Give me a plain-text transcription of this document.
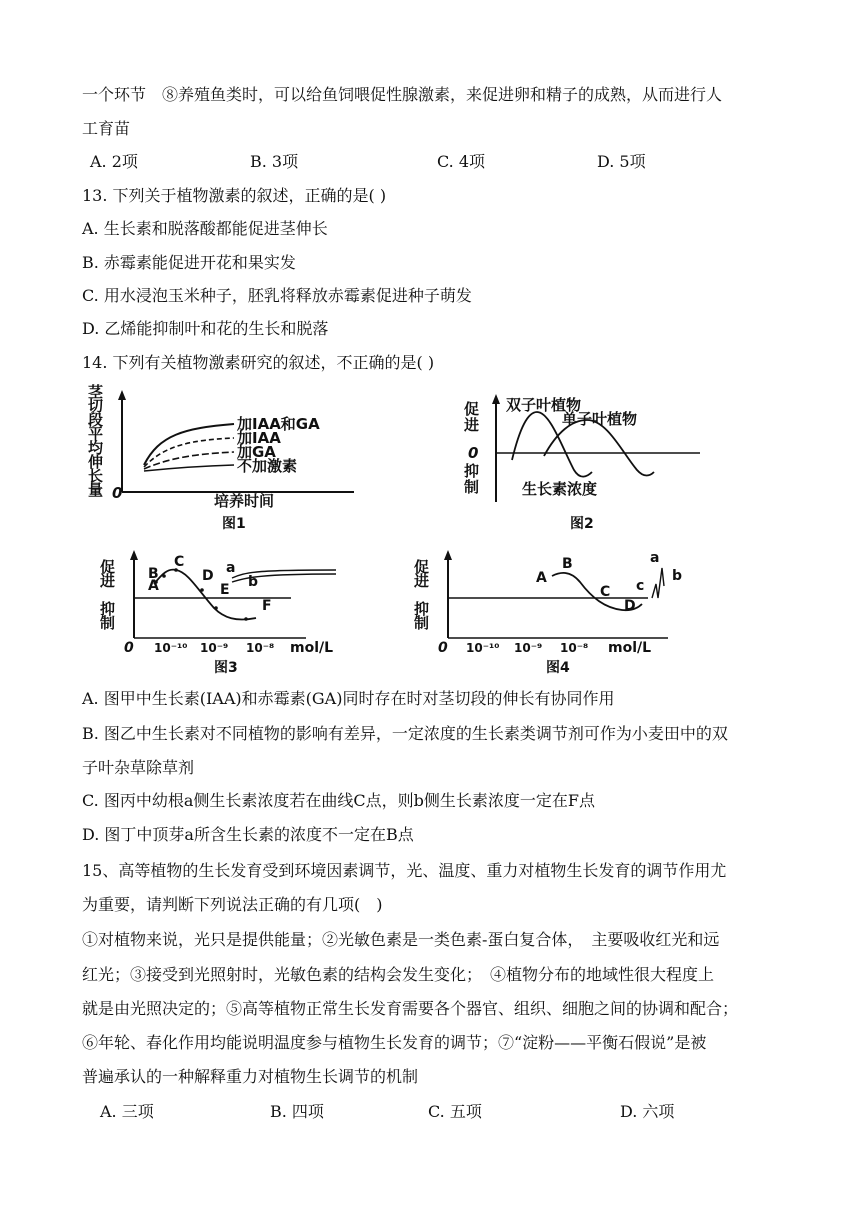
一个环节　⑧养殖鱼类时，可以给鱼饲喂促性腺激素，来促进卵和精子的成熟，从而进行人
工育苗
A. 2项	B. 3项	C. 4项	D. 5项
13. 下列关于植物激素的叙述，正确的是( )
A. 生长素和脱落酸都能促进茎伸长
B. 赤霉素能促进开花和果实发
C. 用水浸泡玉米种子，胚乳将释放赤霉素促进种子萌发
D. 乙烯能抑制叶和花的生长和脱落
14. 下列有关植物激素研究的叙述，不正确的是( )
茎
切
段
平
均
伸
长
量 0
加IAA和GA
加IAA
加GA
不加激素
培养时间
图1
促
进
抑
制
0
双子叶植物
单子叶植物
生长素浓度
图2
促
进
抑
制
A
B
C
D
E
F
a
b
0 10⁻¹⁰ 10⁻⁹ 10⁻⁸ mol/L
图3
促
进
抑
制
A
B
C
D
a
b
c
0 10⁻¹⁰ 10⁻⁹ 10⁻⁸ mol/L
图4
A. 图甲中生长素(IAA)和赤霉素(GA)同时存在时对茎切段的伸长有协同作用
B. 图乙中生长素对不同植物的影响有差异，一定浓度的生长素类调节剂可作为小麦田中的双
子叶杂草除草剂
C. 图丙中幼根a侧生长素浓度若在曲线C点，则b侧生长素浓度一定在F点
D. 图丁中顶芽a所含生长素的浓度不一定在B点
15、高等植物的生长发育受到环境因素调节，光、温度、重力对植物生长发育的调节作用尤
为重要，请判断下列说法正确的有几项(　)
①对植物来说，光只是提供能量；②光敏色素是一类色素-蛋白复合体，　主要吸收红光和远
红光；③接受到光照射时，光敏色素的结构会发生变化；　④植物分布的地域性很大程度上
就是由光照决定的；⑤高等植物正常生长发育需要各个器官、组织、细胞之间的协调和配合；
⑥年轮、春化作用均能说明温度参与植物生长发育的调节；⑦“淀粉——平衡石假说”是被
普遍承认的一种解释重力对植物生长调节的机制
A. 三项	B. 四项	C. 五项	D. 六项
